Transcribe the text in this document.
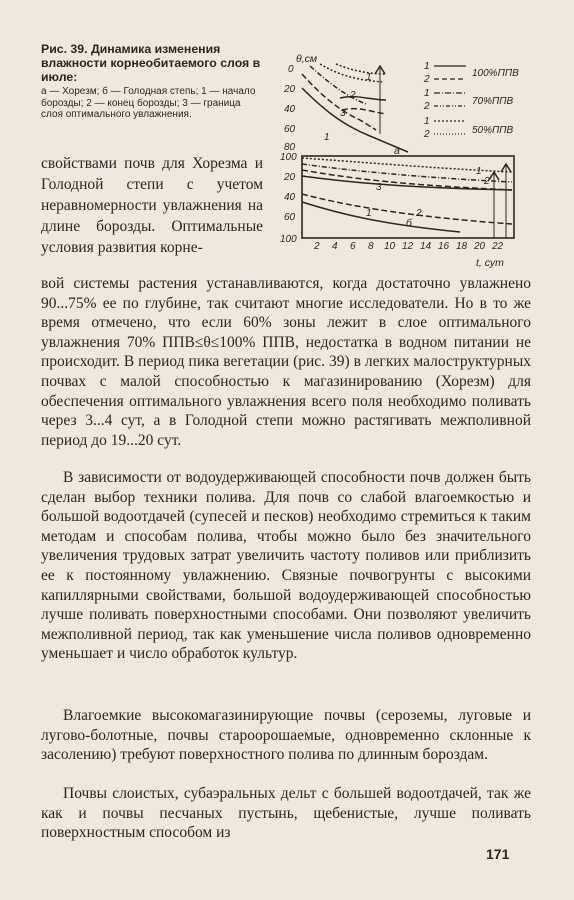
Рис. 39. Динамика изменения влажности корнеобитаемого слоя в июле:

а — Хорезм; б — Голодная степь; 1 — начало борозды; 2 — конец борозды; 3 — граница слоя оптимального увлажнения.

θ,см
1
2
3
1
а
1
2
100%ППВ
1
2	70%ППВ
1
2	50%ППВ
0
20
40
60
80
100
20
40
60
100
1
2
3
2
1
б
2 4 6 8 10 12 14 16 18 20 22
t, сут

свойствами почв для Хорезма и Голодной степи с учетом неравномерности увлажнения на длине борозды. Оптимальные условия развития корне-

вой системы растения устанавливаются, когда достаточно увлажнено 90...75% ее по глубине, так считают многие исследователи. Но в то же время отмечено, что если 60% зоны лежит в слое оптимального увлажнения 70% ППВ≤θ≤100% ППВ, недостатка в водном питании не происходит. В период пика вегетации (рис. 39) в легких малоструктурных почвах с малой способностью к магазинированию (Хорезм) для обеспечения оптимального увлажнения всего поля необходимо поливать через 3...4 сут, а в Голодной степи можно растягивать межполивной период до 19...20 сут.

В зависимости от водоудерживающей способности почв должен быть сделан выбор техники полива. Для почв со слабой влагоемкостью и большой водоотдачей (супесей и песков) необходимо стремиться к таким методам и способам полива, чтобы можно было без значительного увеличения трудовых затрат увеличить частоту поливов или приблизить ее к постоянному увлажнению. Связные почвогрунты с высокими капиллярными свойствами, большой водоудерживающей способностью лучше поливать поверхностными способами. Они позволяют увеличить межполивной период, так как уменьшение числа поливов одновременно уменьшает и число обработок культур.

Влагоемкие высокомагазинирующие почвы (сероземы, луговые и лугово-болотные, почвы староорошаемые, одновременно склонные к засолению) требуют поверхностного полива по длинным бороздам.

Почвы слоистых, субаэральных дельт с большей водоотдачей, так же как и почвы песчаных пустынь, щебенистые, лучше поливать поверхностным способом из

171
